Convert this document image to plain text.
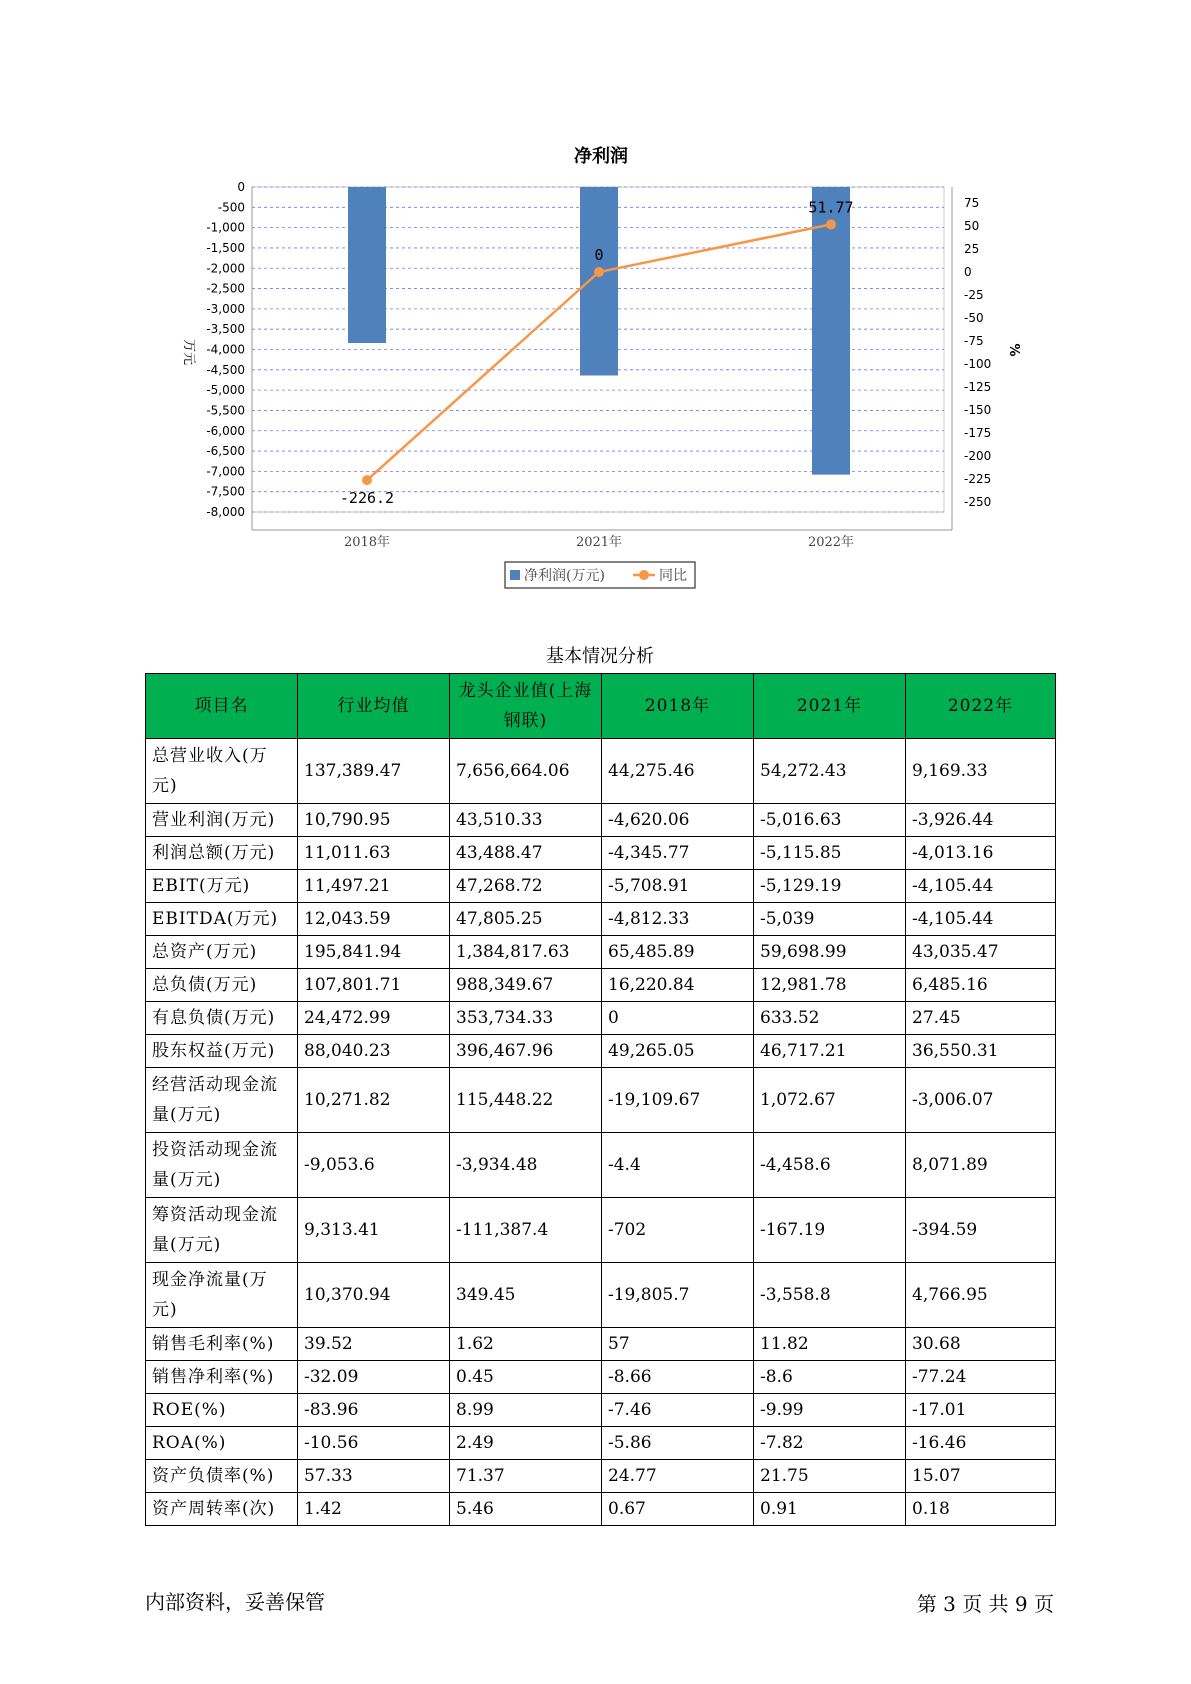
净利润
0
-500
-1,000
-1,500
-2,000
-2,500
-3,000
-3,500
-4,000
-4,500
-5,000
-5,500
-6,000
-6,500
-7,000
-7,500
-8,000
75
50
25
0
-25
-50
-75
-100
-125
-150
-175
-200
-225
-250
万元	%
2018年	2021年	2022年
-226.2
0
51.77
净利润(万元)	同比
基本情况分析
项目名	行业均值	龙头企业值(上海钢联)	2018年	2021年	2022年
总营业收入(万元)	137,389.47	7,656,664.06	44,275.46	54,272.43	9,169.33
营业利润(万元)	10,790.95	43,510.33	-4,620.06	-5,016.63	-3,926.44
利润总额(万元)	11,011.63	43,488.47	-4,345.77	-5,115.85	-4,013.16
EBIT(万元)	11,497.21	47,268.72	-5,708.91	-5,129.19	-4,105.44
EBITDA(万元)	12,043.59	47,805.25	-4,812.33	-5,039	-4,105.44
总资产(万元)	195,841.94	1,384,817.63	65,485.89	59,698.99	43,035.47
总负债(万元)	107,801.71	988,349.67	16,220.84	12,981.78	6,485.16
有息负债(万元)	24,472.99	353,734.33	0	633.52	27.45
股东权益(万元)	88,040.23	396,467.96	49,265.05	46,717.21	36,550.31
经营活动现金流量(万元)	10,271.82	115,448.22	-19,109.67	1,072.67	-3,006.07
投资活动现金流量(万元)	-9,053.6	-3,934.48	-4.4	-4,458.6	8,071.89
筹资活动现金流量(万元)	9,313.41	-111,387.4	-702	-167.19	-394.59
现金净流量(万元)	10,370.94	349.45	-19,805.7	-3,558.8	4,766.95
销售毛利率(%)	39.52	1.62	57	11.82	30.68
销售净利率(%)	-32.09	0.45	-8.66	-8.6	-77.24
ROE(%)	-83.96	8.99	-7.46	-9.99	-17.01
ROA(%)	-10.56	2.49	-5.86	-7.82	-16.46
资产负债率(%)	57.33	71.37	24.77	21.75	15.07
资产周转率(次)	1.42	5.46	0.67	0.91	0.18
内部资料，妥善保管	第 3 页 共 9 页
